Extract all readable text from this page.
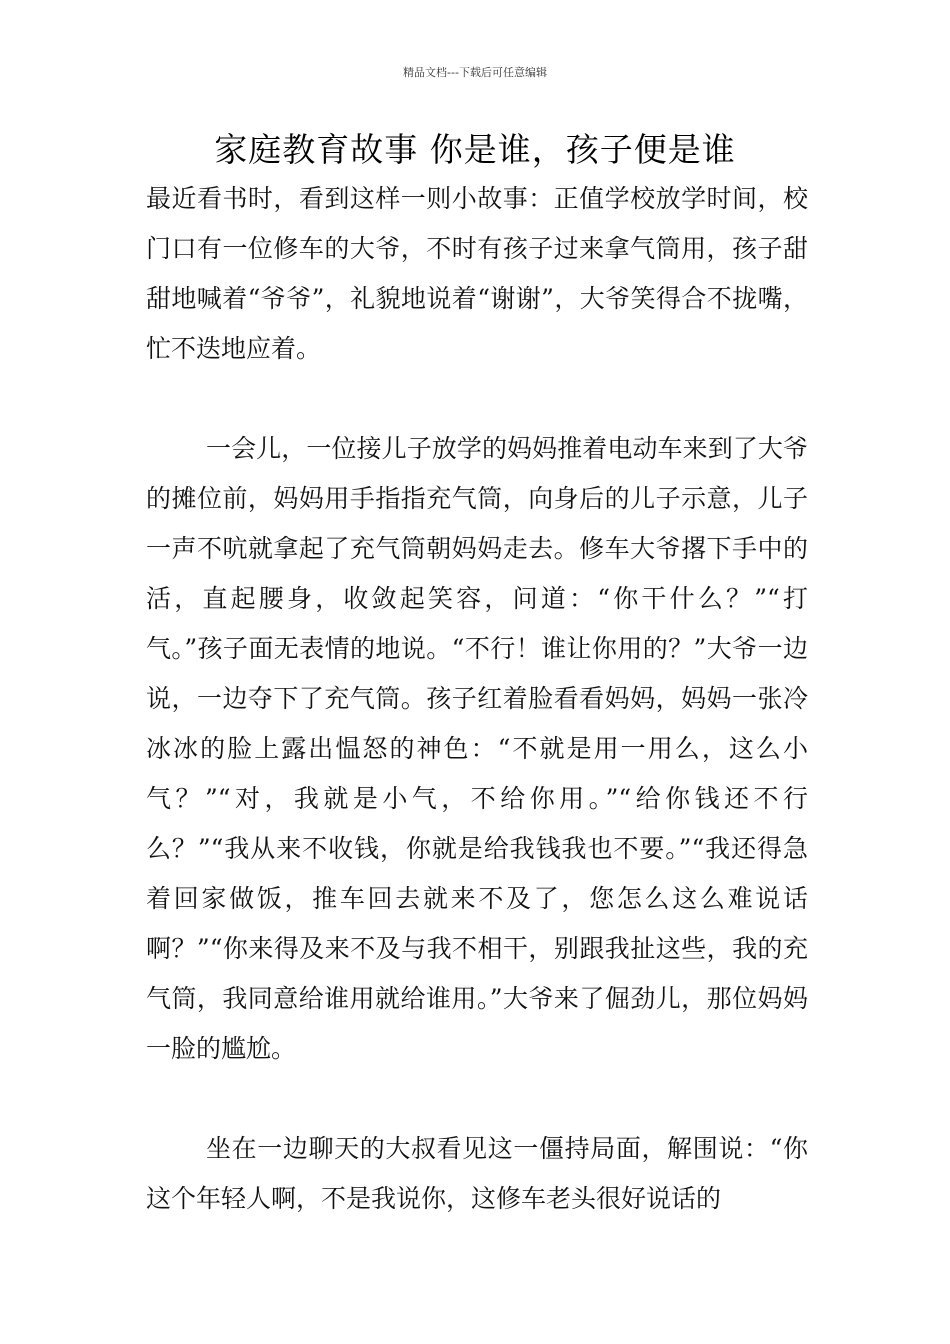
精品文档---下载后可任意编辑
家庭教育故事 你是谁，孩子便是谁

最近看书时，看到这样一则小故事：正值学校放学时间，校门口有一位修车的大爷，不时有孩子过来拿气筒用，孩子甜甜地喊着“爷爷”，礼貌地说着“谢谢”，大爷笑得合不拢嘴，忙不迭地应着。

一会儿，一位接儿子放学的妈妈推着电动车来到了大爷的摊位前，妈妈用手指指充气筒，向身后的儿子示意，儿子一声不吭就拿起了充气筒朝妈妈走去。修车大爷撂下手中的活，直起腰身，收敛起笑容，问道：“你干什么？”“打气。”孩子面无表情的地说。“不行！谁让你用的？”大爷一边说，一边夺下了充气筒。孩子红着脸看看妈妈，妈妈一张冷冰冰的脸上露出愠怒的神色：“不就是用一用么，这么小气？”“对，我就是小气，不给你用。”“给你钱还不行么？”“我从来不收钱，你就是给我钱我也不要。”“我还得急着回家做饭，推车回去就来不及了，您怎么这么难说话啊？”“你来得及来不及与我不相干，别跟我扯这些，我的充气筒，我同意给谁用就给谁用。”大爷来了倔劲儿，那位妈妈一脸的尴尬。

坐在一边聊天的大叔看见这一僵持局面，解围说：“你这个年轻人啊，不是我说你，这修车老头很好说话的
